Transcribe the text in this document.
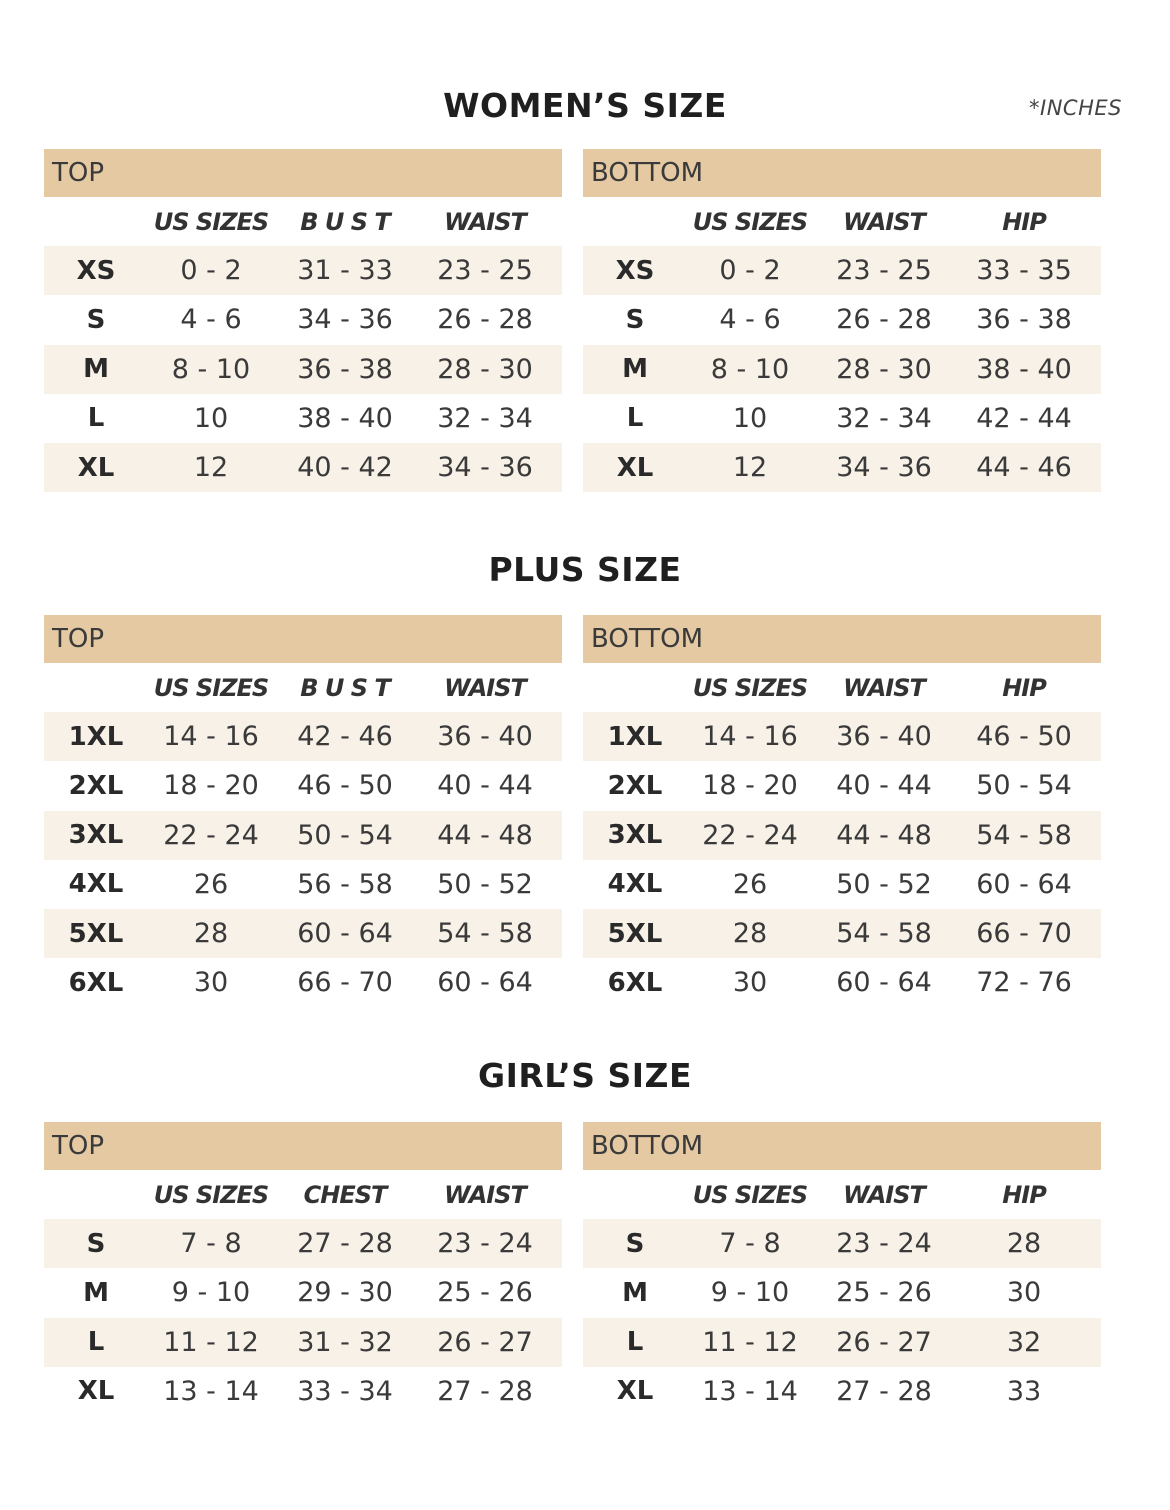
WOMEN’S SIZE	*INCHES
TOP
US SIZES	B U S T	WAIST
XS	0 - 2	31 - 33	23 - 25
S	4 - 6	34 - 36	26 - 28
M	8 - 10	36 - 38	28 - 30
L	10	38 - 40	32 - 34
XL	12	40 - 42	34 - 36
BOTTOM
US SIZES	WAIST	HIP
XS	0 - 2	23 - 25	33 - 35
S	4 - 6	26 - 28	36 - 38
M	8 - 10	28 - 30	38 - 40
L	10	32 - 34	42 - 44
XL	12	34 - 36	44 - 46
PLUS SIZE
TOP
US SIZES	B U S T	WAIST
1XL	14 - 16	42 - 46	36 - 40
2XL	18 - 20	46 - 50	40 - 44
3XL	22 - 24	50 - 54	44 - 48
4XL	26	56 - 58	50 - 52
5XL	28	60 - 64	54 - 58
6XL	30	66 - 70	60 - 64
BOTTOM
US SIZES	WAIST	HIP
1XL	14 - 16	36 - 40	46 - 50
2XL	18 - 20	40 - 44	50 - 54
3XL	22 - 24	44 - 48	54 - 58
4XL	26	50 - 52	60 - 64
5XL	28	54 - 58	66 - 70
6XL	30	60 - 64	72 - 76
GIRL’S SIZE
TOP
US SIZES	CHEST	WAIST
S	7 - 8	27 - 28	23 - 24
M	9 - 10	29 - 30	25 - 26
L	11 - 12	31 - 32	26 - 27
XL	13 - 14	33 - 34	27 - 28
BOTTOM
US SIZES	WAIST	HIP
S	7 - 8	23 - 24	28
M	9 - 10	25 - 26	30
L	11 - 12	26 - 27	32
XL	13 - 14	27 - 28	33
